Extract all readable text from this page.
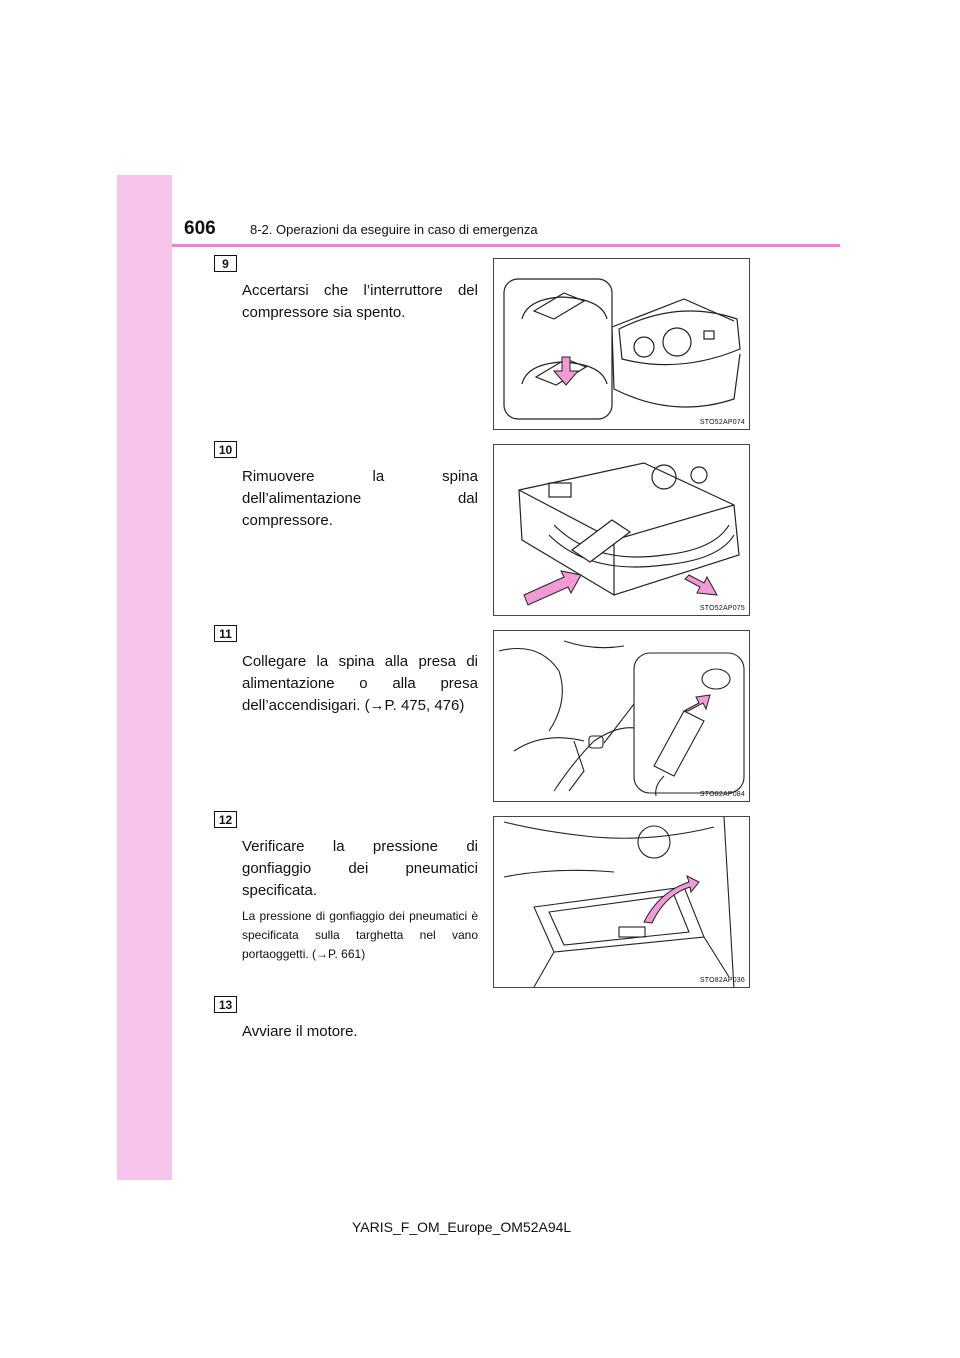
606	8-2. Operazioni da eseguire in caso di emergenza
9
Accertarsi che l’interruttore del compressore sia spento.
STO52AP074
10
Rimuovere la spina dell’alimentazione dal compressore.
STO52AP075
11
Collegare la spina alla presa di alimentazione o alla presa dell’accendisigari. (→P. 475, 476)
STO82AP084
12
Verificare la pressione di gonfiaggio dei pneumatici specificata.
La pressione di gonfiaggio dei pneumatici è specificata sulla targhetta nel vano portaoggetti. (→P. 661)
STO82AP036
13
Avviare il motore.
YARIS_F_OM_Europe_OM52A94L
